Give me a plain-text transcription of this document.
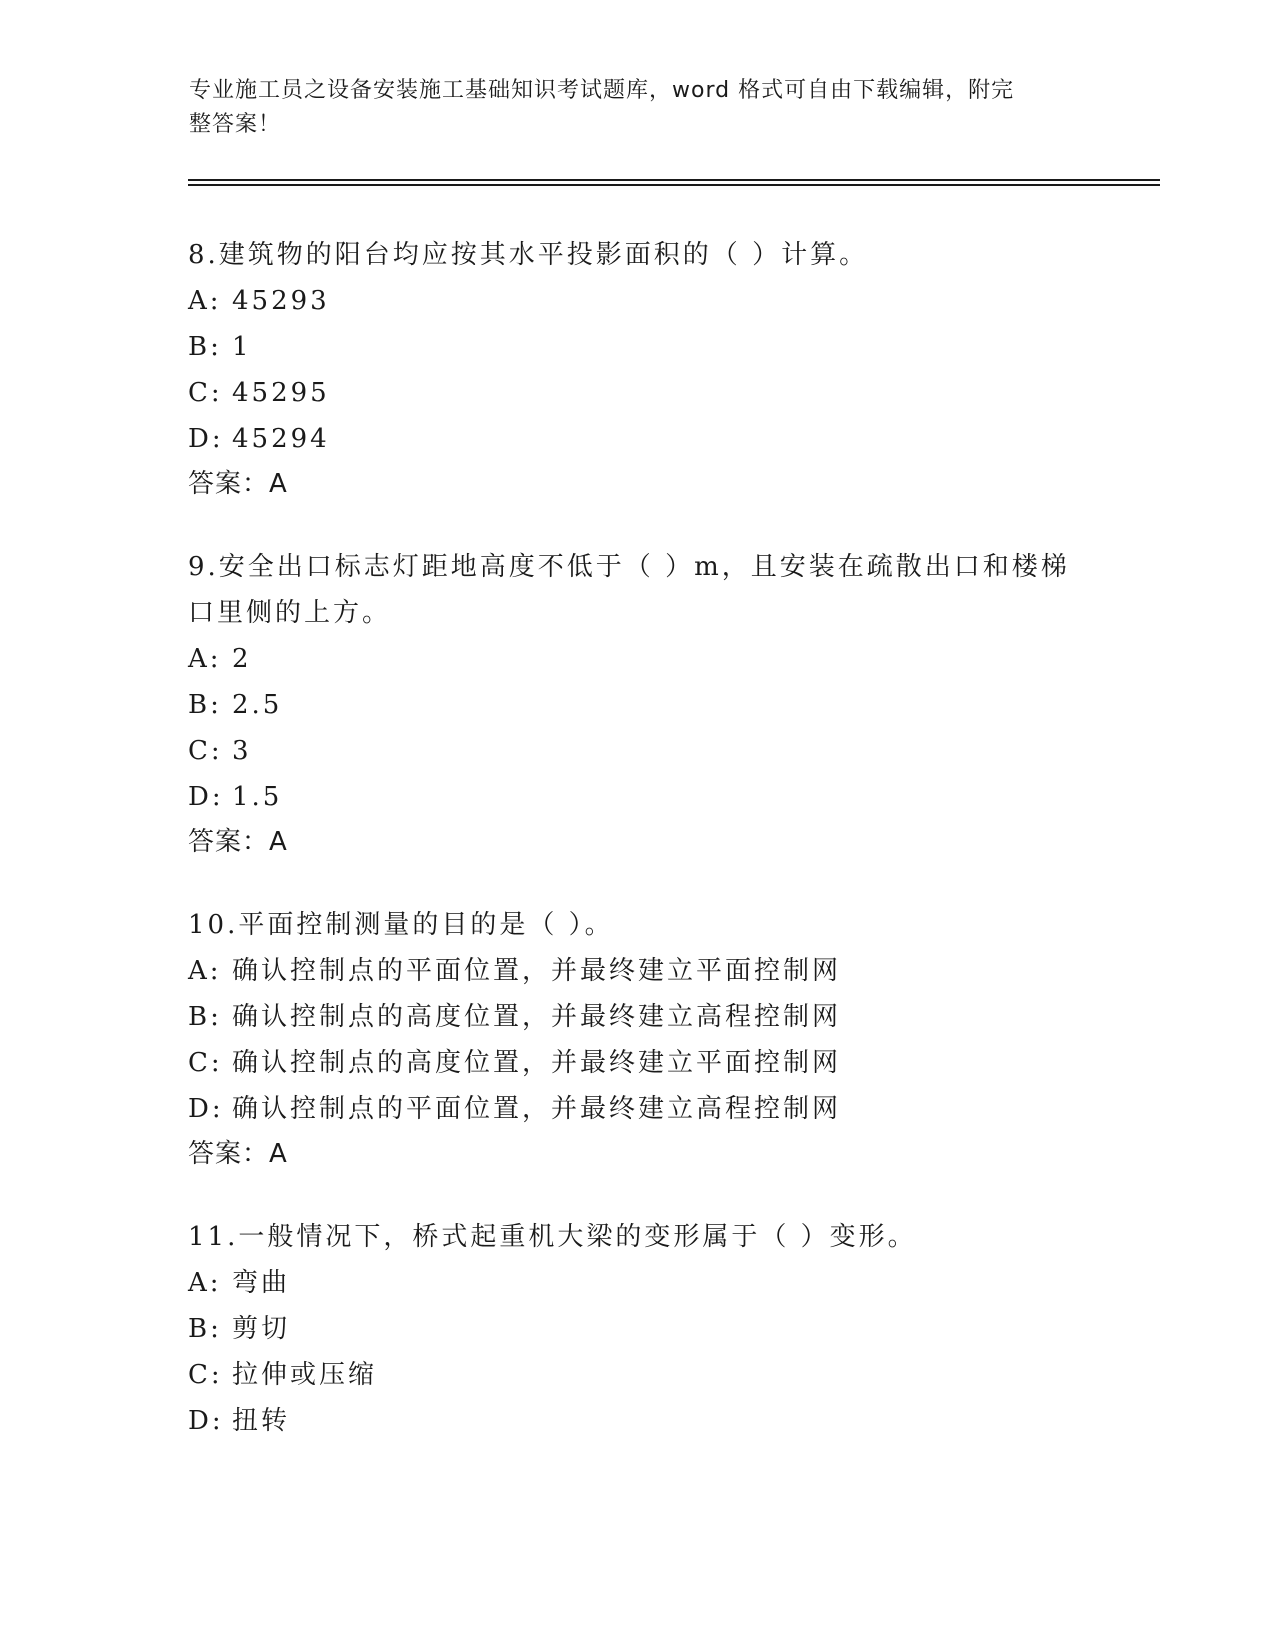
专业施工员之设备安装施工基础知识考试题库，word 格式可自由下载编辑，附完
整答案！

8.建筑物的阳台均应按其水平投影面积的（ ）计算。

A: 45293

B: 1

C: 45295

D: 45294

答案：A

9.安全出口标志灯距地高度不低于（ ）m，且安装在疏散出口和楼梯

口里侧的上方。

A: 2

B: 2.5

C: 3

D: 1.5

答案：A

10.平面控制测量的目的是（ ）。

A: 确认控制点的平面位置，并最终建立平面控制网

B: 确认控制点的高度位置，并最终建立高程控制网

C: 确认控制点的高度位置，并最终建立平面控制网

D: 确认控制点的平面位置，并最终建立高程控制网

答案：A

11.一般情况下，桥式起重机大梁的变形属于（ ）变形。

A: 弯曲

B: 剪切

C: 拉伸或压缩

D: 扭转
